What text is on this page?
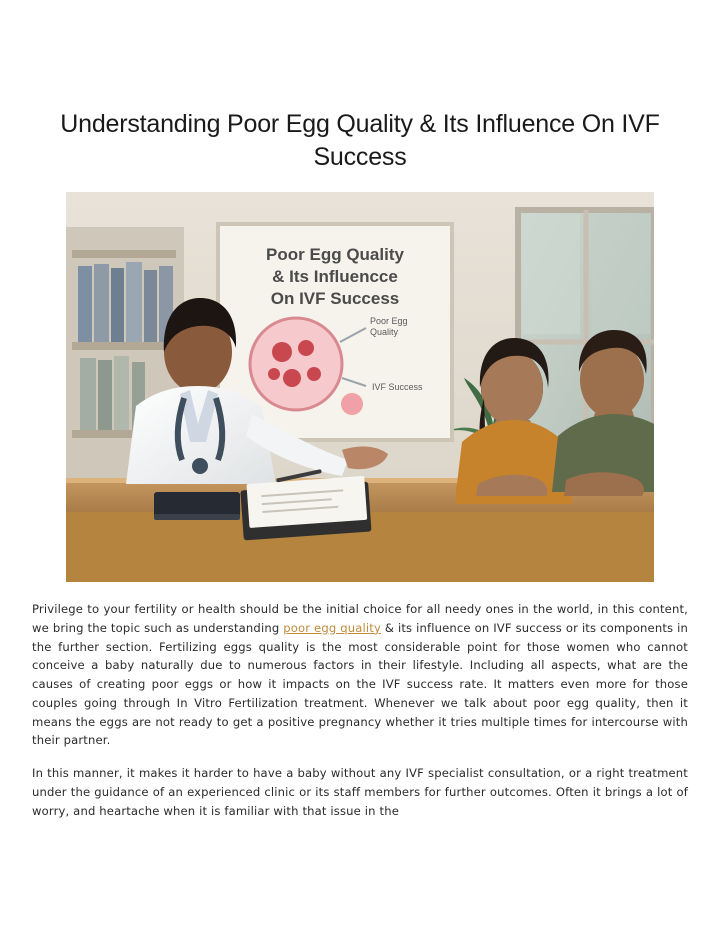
Understanding Poor Egg Quality & Its Influence On IVF Success
Poor Egg Quality
& Its Influencce
On IVF Success
Poor Egg
Quality
IVF Success

Privilege to your fertility or health should be the initial choice for all needy ones in the world, in this content, we bring the topic such as understanding poor egg quality & its influence on IVF success or its components in the further section. Fertilizing eggs quality is the most considerable point for those women who cannot conceive a baby naturally due to numerous factors in their lifestyle. Including all aspects, what are the causes of creating poor eggs or how it impacts on the IVF success rate. It matters even more for those couples going through In Vitro Fertilization treatment. Whenever we talk about poor egg quality, then it means the eggs are not ready to get a positive pregnancy whether it tries multiple times for intercourse with their partner.

In this manner, it makes it harder to have a baby without any IVF specialist consultation, or a right treatment under the guidance of an experienced clinic or its staff members for further outcomes. Often it brings a lot of worry, and heartache when it is familiar with that issue in the
